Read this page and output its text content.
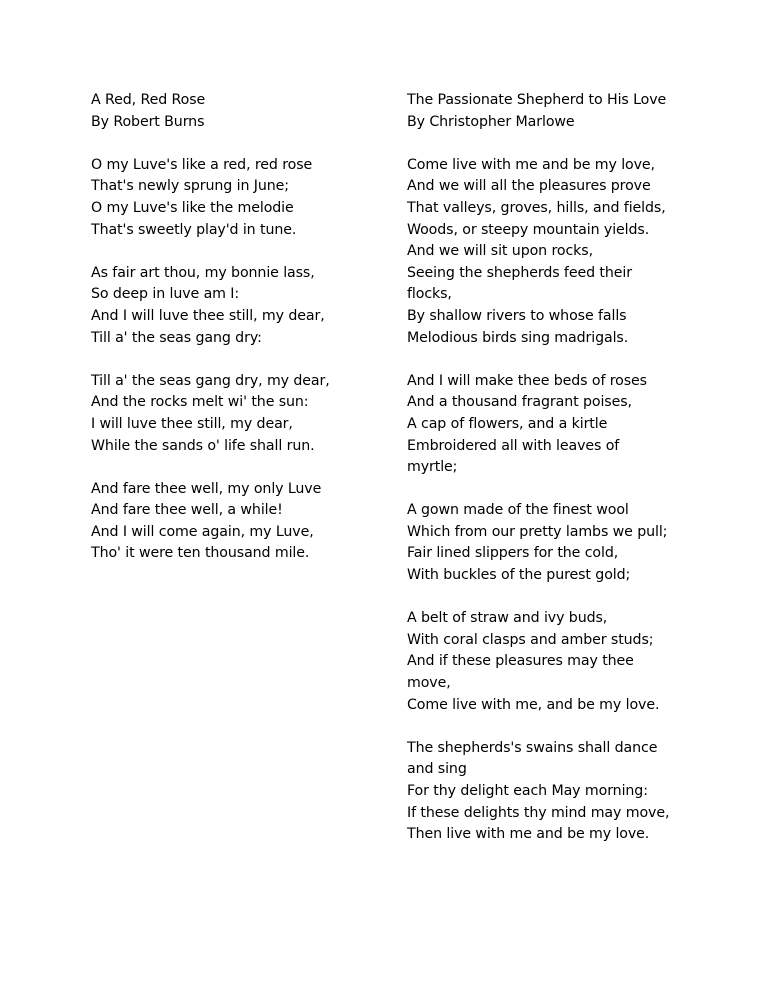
A Red, Red Rose
By Robert Burns
O my Luve's like a red, red rose
That's newly sprung in June;
O my Luve's like the melodie
That's sweetly play'd in tune.
As fair art thou, my bonnie lass,
So deep in luve am I:
And I will luve thee still, my dear,
Till a' the seas gang dry:
Till a' the seas gang dry, my dear,
And the rocks melt wi' the sun:
I will luve thee still, my dear,
While the sands o' life shall run.
And fare thee well, my only Luve
And fare thee well, a while!
And I will come again, my Luve,
Tho' it were ten thousand mile.
The Passionate Shepherd to His Love
By Christopher Marlowe
Come live with me and be my love,
And we will all the pleasures prove
That valleys, groves, hills, and fields,
Woods, or steepy mountain yields.
And we will sit upon rocks,
Seeing the shepherds feed their
flocks,
By shallow rivers to whose falls
Melodious birds sing madrigals.
And I will make thee beds of roses
And a thousand fragrant poises,
A cap of flowers, and a kirtle
Embroidered all with leaves of
myrtle;
A gown made of the finest wool
Which from our pretty lambs we pull;
Fair lined slippers for the cold,
With buckles of the purest gold;
A belt of straw and ivy buds,
With coral clasps and amber studs;
And if these pleasures may thee
move,
Come live with me, and be my love.
The shepherds's swains shall dance
and sing
For thy delight each May morning:
If these delights thy mind may move,
Then live with me and be my love.
